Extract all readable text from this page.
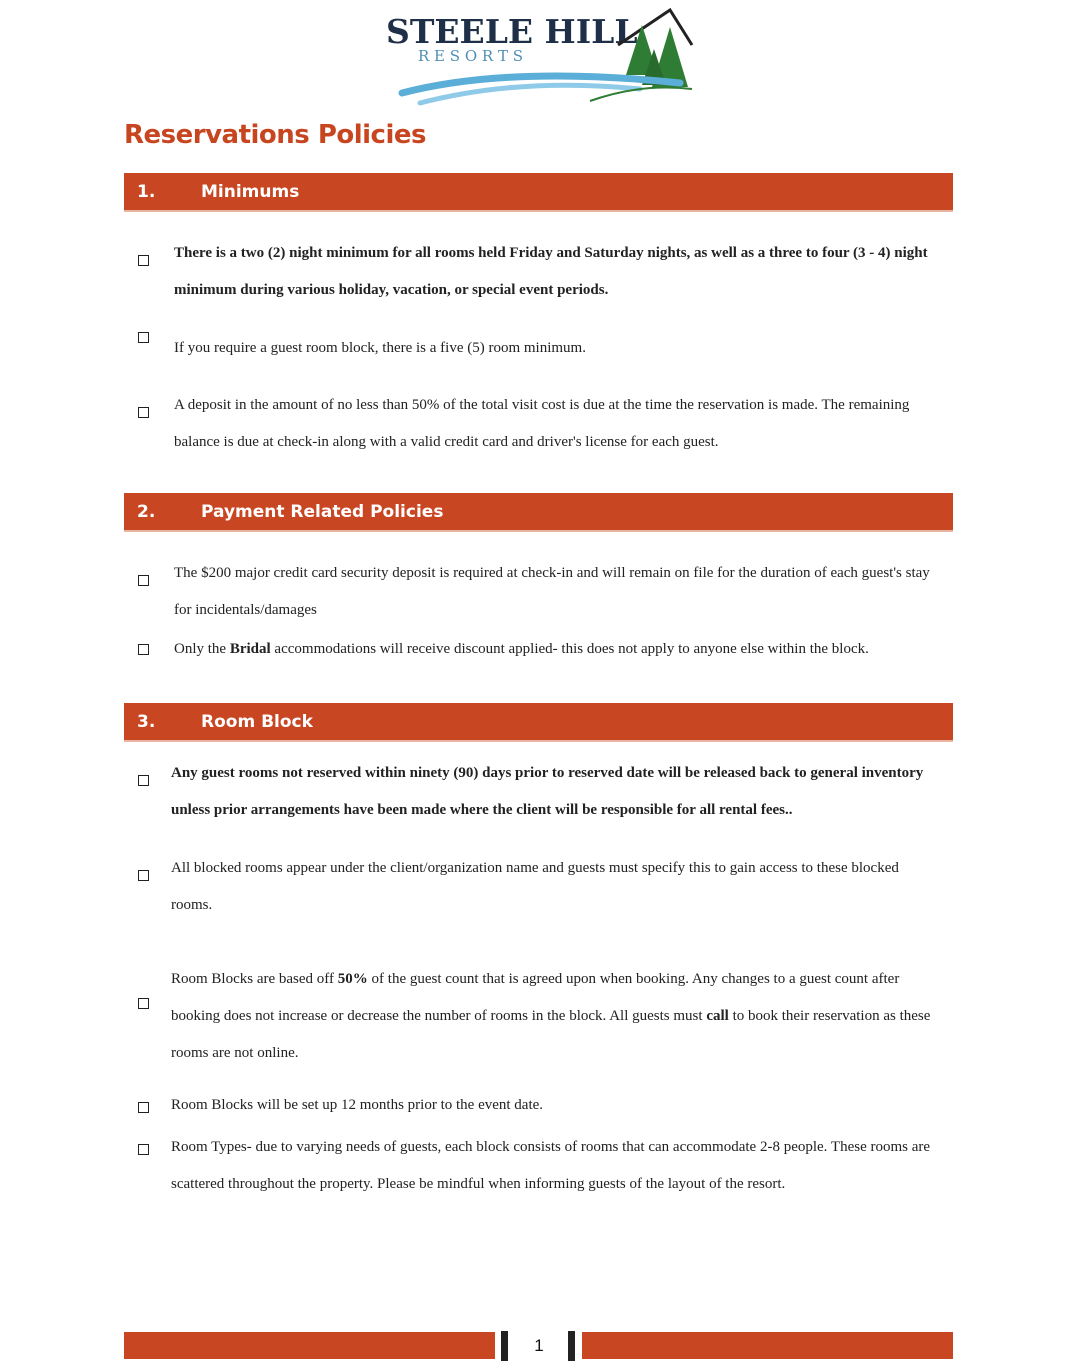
STEELE HILL
R E S O R T S
Reservations Policies
1.	Minimums

There is a two (2) night minimum for all rooms held Friday and Saturday nights, as well as a three to four (3 - 4) night minimum during various holiday, vacation, or special event periods.

If you require a guest room block, there is a five (5) room minimum.

A deposit in the amount of no less than 50% of the total visit cost is due at the time the reservation is made. The remaining balance is due at check-in along with a valid credit card and driver's license for each guest.

2.	Payment Related Policies

The $200 major credit card security deposit is required at check-in and will remain on file for the duration of each guest's stay for incidentals/damages

Only the Bridal accommodations will receive discount applied- this does not apply to anyone else within the block.

3.	Room Block

Any guest rooms not reserved within ninety (90) days prior to reserved date will be released back to general inventory unless prior arrangements have been made where the client will be responsible for all rental fees..

All blocked rooms appear under the client/organization name and guests must specify this to gain access to these blocked rooms.

Room Blocks are based off 50% of the guest count that is agreed upon when booking. Any changes to a guest count after booking does not increase or decrease the number of rooms in the block. All guests must call to book their reservation as these rooms are not online.

Room Blocks will be set up 12 months prior to the event date.

Room Types- due to varying needs of guests, each block consists of rooms that can accommodate 2-8 people. These rooms are scattered throughout the property. Please be mindful when informing guests of the layout of the resort.

1
